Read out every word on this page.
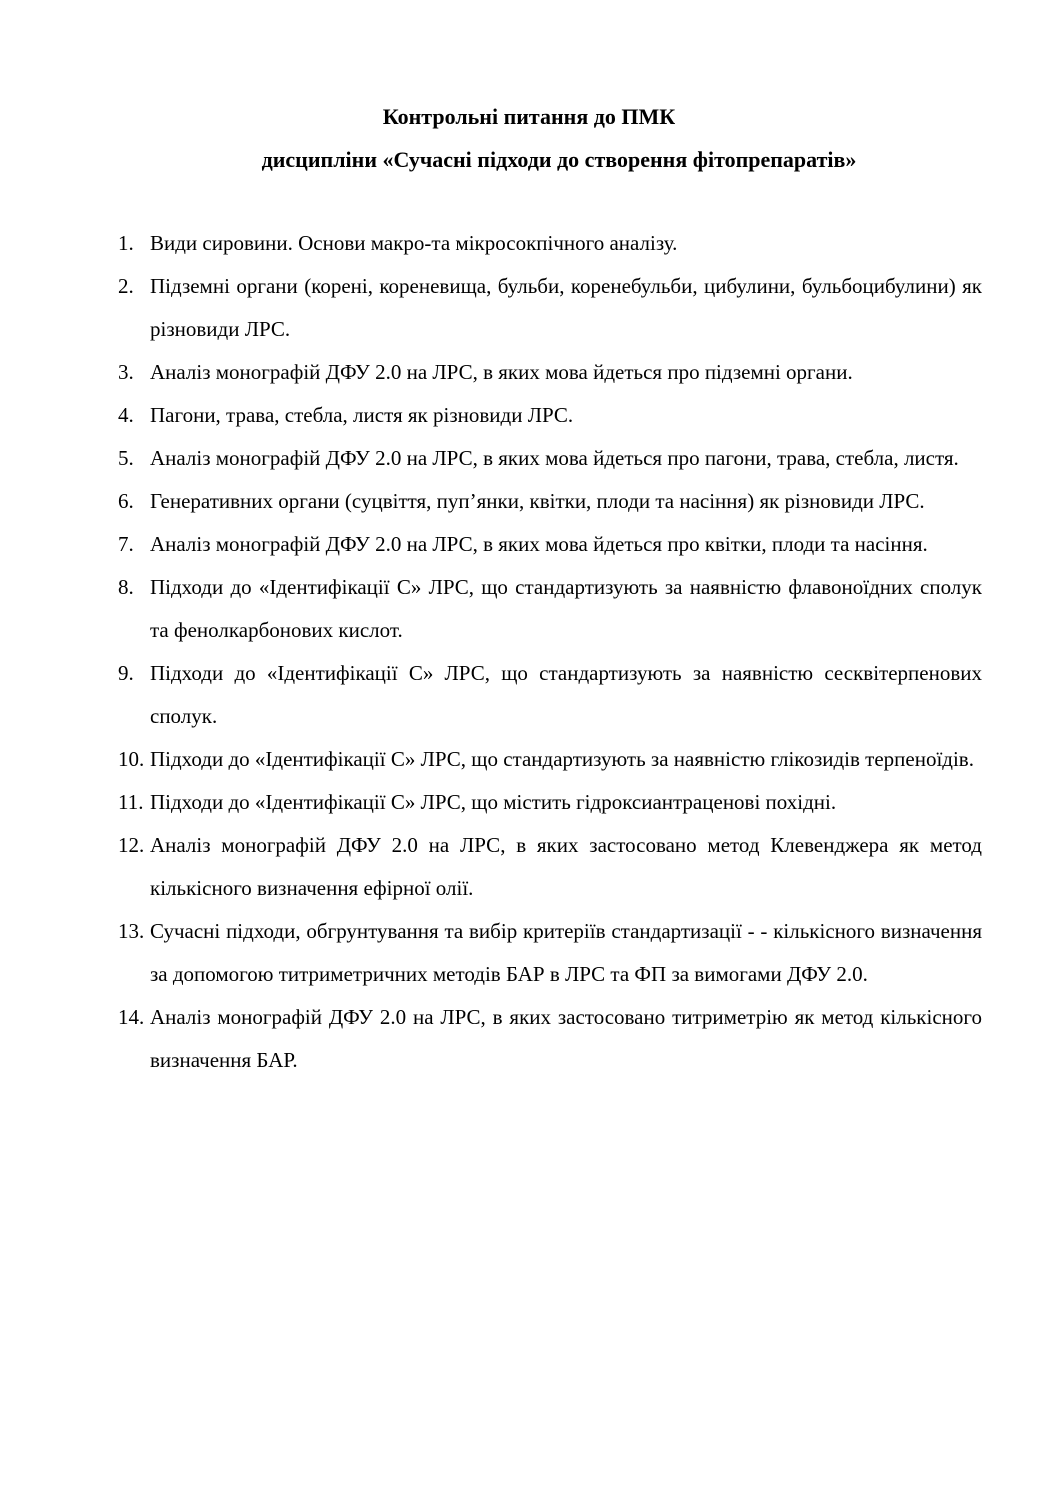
Контрольні питання до ПМК
дисципліни «Сучасні підходи до створення фітопрепаратів»
1. Види сировини. Основи макро-та мікросокпічного аналізу.
2. Підземні органи (корені, кореневища, бульби, коренебульби, цибулини, бульбоцибулини) як різновиди ЛРС.
3. Аналіз монографій ДФУ 2.0 на ЛРС, в яких мова йдеться про підземні органи.
4. Пагони, трава, стебла, листя як різновиди ЛРС.
5. Аналіз монографій ДФУ 2.0 на ЛРС, в яких мова йдеться про пагони, трава, стебла, листя.
6. Генеративних органи (суцвіття, пуп’янки, квітки, плоди та насіння) як різновиди ЛРС.
7. Аналіз монографій ДФУ 2.0 на ЛРС, в яких мова йдеться про квітки, плоди та насіння.
8. Підходи до «Ідентифікації С» ЛРС, що стандартизують за наявністю флавоноїдних сполук та фенолкарбонових кислот.
9. Підходи до «Ідентифікації С» ЛРС, що стандартизують за наявністю сесквітерпенових сполук.
10. Підходи до «Ідентифікації С» ЛРС, що стандартизують за наявністю глікозидів терпеноїдів.
11. Підходи до «Ідентифікації С» ЛРС, що містить гідроксиантраценові похідні.
12. Аналіз монографій ДФУ 2.0 на ЛРС, в яких застосовано метод Клевенджера як метод кількісного визначення ефірної олії.
13. Сучасні підходи, обгрунтування та вибір критеріїв стандартизації - - кількісного визначення за допомогою титриметричних методів БАР в ЛРС та ФП за вимогами ДФУ 2.0.
14. Аналіз монографій ДФУ 2.0 на ЛРС, в яких застосовано титриметрію як метод кількісного визначення БАР.
